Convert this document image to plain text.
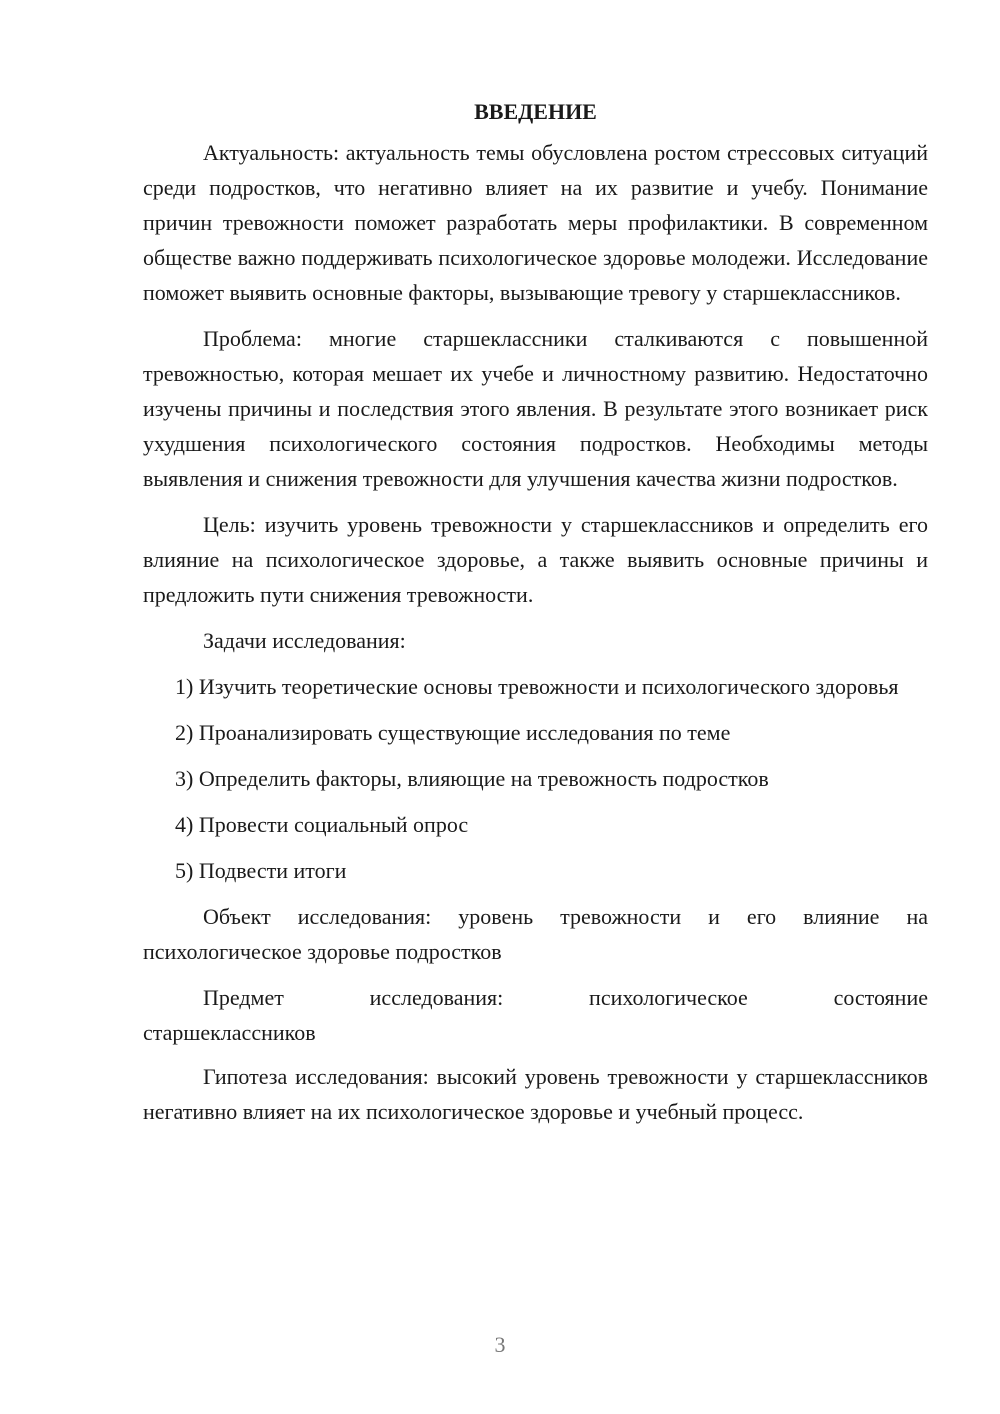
ВВЕДЕНИЕ

Актуальность: актуальность темы обусловлена ростом стрессовых ситуаций среди подростков, что негативно влияет на их развитие и учебу. Понимание причин тревожности поможет разработать меры профилактики. В современном обществе важно поддерживать психологическое здоровье молодежи. Исследование поможет выявить основные факторы, вызывающие тревогу у старшеклассников.

Проблема: многие старшеклассники сталкиваются с повышенной тревожностью, которая мешает их учебе и личностному развитию. Недостаточно изучены причины и последствия этого явления. В результате этого возникает риск ухудшения психологического состояния подростков. Необходимы методы выявления и снижения тревожности для улучшения качества жизни подростков.

Цель: изучить уровень тревожности у старшеклассников и определить его влияние на психологическое здоровье, а также выявить основные причины и предложить пути снижения тревожности.

Задачи исследования:

1) Изучить теоретические основы тревожности и психологического здоровья

2) Проанализировать существующие исследования по теме

3) Определить факторы, влияющие на тревожность подростков

4) Провести социальный опрос

5) Подвести итоги

Объект исследования: уровень тревожности и его влияние на психологическое здоровье подростков

Предмет	исследования:	психологическое	состояние
старшеклассников

Гипотеза исследования: высокий уровень тревожности у старшеклассников негативно влияет на их психологическое здоровье и учебный процесс.

3
